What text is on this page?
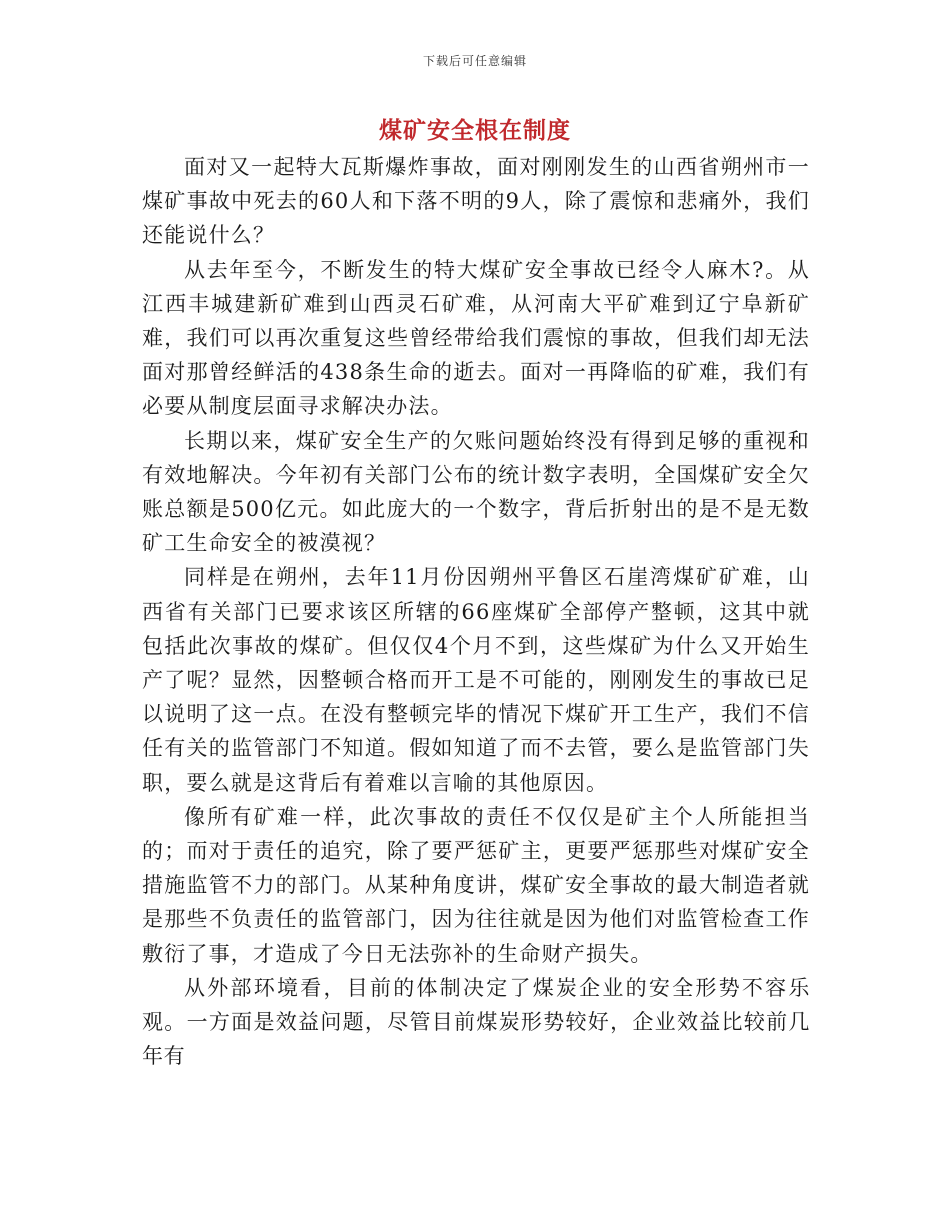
下载后可任意编辑
煤矿安全根在制度

面对又一起特大瓦斯爆炸事故，面对刚刚发生的山西省朔州市一煤矿事故中死去的60人和下落不明的9人，除了震惊和悲痛外，我们还能说什么？

从去年至今，不断发生的特大煤矿安全事故已经令人麻木?。从江西丰城建新矿难到山西灵石矿难，从河南大平矿难到辽宁阜新矿难，我们可以再次重复这些曾经带给我们震惊的事故，但我们却无法面对那曾经鲜活的438条生命的逝去。面对一再降临的矿难，我们有必要从制度层面寻求解决办法。

长期以来，煤矿安全生产的欠账问题始终没有得到足够的重视和有效地解决。今年初有关部门公布的统计数字表明，全国煤矿安全欠账总额是500亿元。如此庞大的一个数字，背后折射出的是不是无数矿工生命安全的被漠视？

同样是在朔州，去年11月份因朔州平鲁区石崖湾煤矿矿难，山西省有关部门已要求该区所辖的66座煤矿全部停产整顿，这其中就包括此次事故的煤矿。但仅仅4个月不到，这些煤矿为什么又开始生产了呢？显然，因整顿合格而开工是不可能的，刚刚发生的事故已足以说明了这一点。在没有整顿完毕的情况下煤矿开工生产，我们不信任有关的监管部门不知道。假如知道了而不去管，要么是监管部门失职，要么就是这背后有着难以言喻的其他原因。

像所有矿难一样，此次事故的责任不仅仅是矿主个人所能担当的；而对于责任的追究，除了要严惩矿主，更要严惩那些对煤矿安全措施监管不力的部门。从某种角度讲，煤矿安全事故的最大制造者就是那些不负责任的监管部门，因为往往就是因为他们对监管检查工作敷衍了事，才造成了今日无法弥补的生命财产损失。

从外部环境看，目前的体制决定了煤炭企业的安全形势不容乐观。一方面是效益问题，尽管目前煤炭形势较好，企业效益比较前几年有
